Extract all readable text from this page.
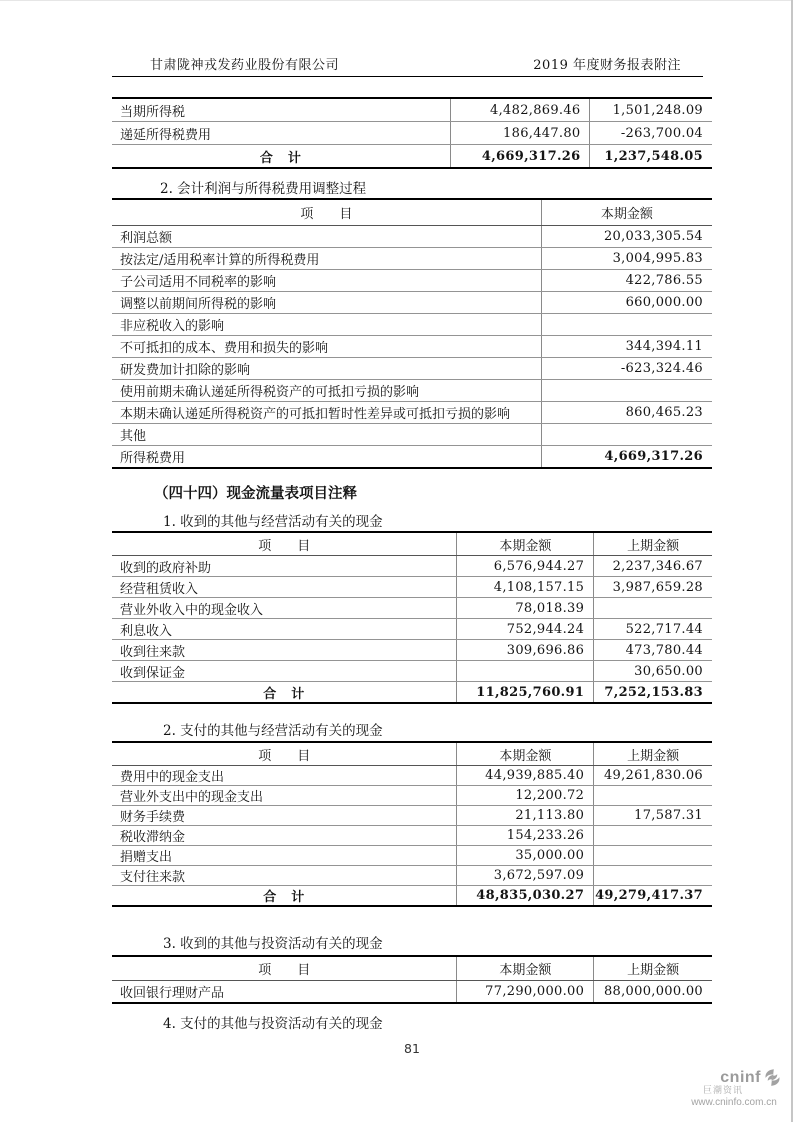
甘肃陇神戎发药业股份有限公司	2019 年度财务报表附注
当期所得税	4,482,869.46	1,501,248.09
递延所得税费用	186,447.80	-263,700.04
合　计	4,669,317.26	1,237,548.05
2. 会计利润与所得税费用调整过程
项　　目	本期金额
利润总额	20,033,305.54
按法定/适用税率计算的所得税费用	3,004,995.83
子公司适用不同税率的影响	422,786.55
调整以前期间所得税的影响	660,000.00
非应税收入的影响	
不可抵扣的成本、费用和损失的影响	344,394.11
研发费加计扣除的影响	-623,324.46
使用前期未确认递延所得税资产的可抵扣亏损的影响	
本期未确认递延所得税资产的可抵扣暂时性差异或可抵扣亏损的影响	860,465.23
其他	
所得税费用	4,669,317.26
（四十四）现金流量表项目注释
1. 收到的其他与经营活动有关的现金
项　　目	本期金额	上期金额
收到的政府补助	6,576,944.27	2,237,346.67
经营租赁收入	4,108,157.15	3,987,659.28
营业外收入中的现金收入	78,018.39	
利息收入	752,944.24	522,717.44
收到往来款	309,696.86	473,780.44
收到保证金		30,650.00
合　计	11,825,760.91	7,252,153.83
2. 支付的其他与经营活动有关的现金
项　　目	本期金额	上期金额
费用中的现金支出	44,939,885.40	49,261,830.06
营业外支出中的现金支出	12,200.72	
财务手续费	21,113.80	17,587.31
税收滞纳金	154,233.26	
捐赠支出	35,000.00	
支付往来款	3,672,597.09	
合　计	48,835,030.27	49,279,417.37
3. 收到的其他与投资活动有关的现金
项　　目	本期金额	上期金额
收回银行理财产品	77,290,000.00	88,000,000.00
4. 支付的其他与投资活动有关的现金
81
cninf
巨潮资讯
www.cninfo.com.cn
